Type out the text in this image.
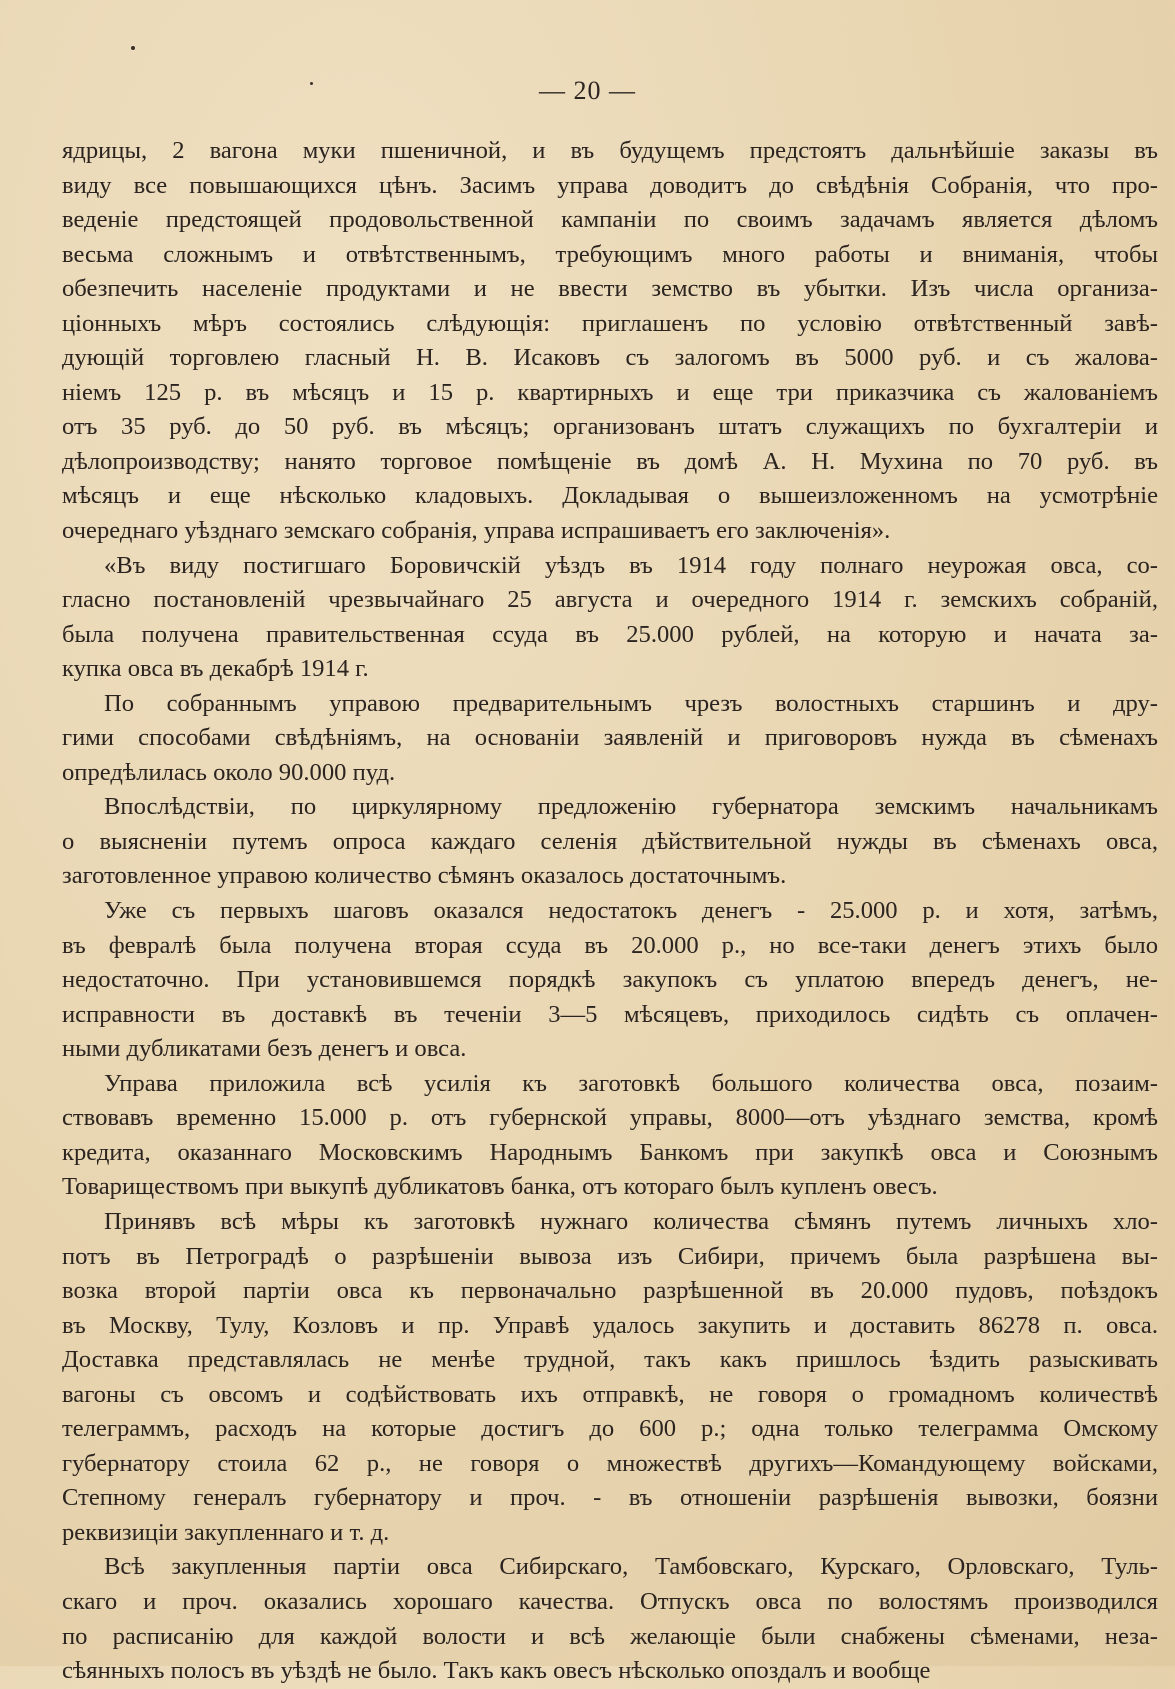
— 20 —
ядрицы, 2 вагона муки пшеничной, и въ будущемъ предстоятъ дальнѣйшіе заказы въ
виду все повышающихся цѣнъ. Засимъ управа доводитъ до свѣдѣнія Собранія, что про-
веденіе предстоящей продовольственной кампаніи по своимъ задачамъ является дѣломъ
весьма сложнымъ и отвѣтственнымъ, требующимъ много работы и вниманія, чтобы
обезпечить населеніе продуктами и не ввести земство въ убытки. Изъ числа организа-
ціонныхъ мѣръ состоялись слѣдующія: приглашенъ по условію отвѣтственный завѣ-
дующій торговлею гласный Н. В. Исаковъ съ залогомъ въ 5000 руб. и съ жалова-
ніемъ 125 р. въ мѣсяцъ и 15 р. квартирныхъ и еще три приказчика съ жалованіемъ
отъ 35 руб. до 50 руб. въ мѣсяцъ; организованъ штатъ служащихъ по бухгалтеріи и
дѣлопроизводству; нанято торговое помѣщеніе въ домѣ А. Н. Мухина по 70 руб. въ
мѣсяцъ и еще нѣсколько кладовыхъ. Докладывая о вышеизложенномъ на усмотрѣніе
очереднаго уѣзднаго земскаго собранія, управа испрашиваетъ его заключенія».
«Въ виду постигшаго Боровичскій уѣздъ въ 1914 году полнаго неурожая овса, со-
гласно постановленій чрезвычайнаго 25 августа и очередного 1914 г. земскихъ собраній,
была получена правительственная ссуда въ 25.000 рублей, на которую и начата за-
купка овса въ декабрѣ 1914 г.
По собраннымъ управою предварительнымъ чрезъ волостныхъ старшинъ и дру-
гими способами свѣдѣніямъ, на основаніи заявленій и приговоровъ нужда въ сѣменахъ
опредѣлилась около 90.000 пуд.
Впослѣдствіи, по циркулярному предложенію губернатора земскимъ начальникамъ
о выясненіи путемъ опроса каждаго селенія дѣйствительной нужды въ сѣменахъ овса,
заготовленное управою количество сѣмянъ оказалось достаточнымъ.
Уже съ первыхъ шаговъ оказался недостатокъ денегъ - 25.000 р. и хотя, затѣмъ,
въ февралѣ была получена вторая ссуда въ 20.000 р., но все-таки денегъ этихъ было
недостаточно. При установившемся порядкѣ закупокъ съ уплатою впередъ денегъ, не-
исправности въ доставкѣ въ теченіи 3—5 мѣсяцевъ, приходилось сидѣть съ оплачен-
ными дубликатами безъ денегъ и овса.
Управа приложила всѣ усилія къ заготовкѣ большого количества овса, позаим-
ствовавъ временно 15.000 р. отъ губернской управы, 8000—отъ уѣзднаго земства, кромѣ
кредита, оказаннаго Московскимъ Народнымъ Банкомъ при закупкѣ овса и Союзнымъ
Товариществомъ при выкупѣ дубликатовъ банка, отъ котораго былъ купленъ овесъ.
Принявъ всѣ мѣры къ заготовкѣ нужнаго количества сѣмянъ путемъ личныхъ хло-
потъ въ Петроградѣ о разрѣшеніи вывоза изъ Сибири, причемъ была разрѣшена вы-
возка второй партіи овса къ первоначально разрѣшенной въ 20.000 пудовъ, поѣздокъ
въ Москву, Тулу, Козловъ и пр. Управѣ удалось закупить и доставить 86278 п. овса.
Доставка представлялась не менѣе трудной, такъ какъ пришлось ѣздить разыскивать
вагоны съ овсомъ и содѣйствовать ихъ отправкѣ, не говоря о громадномъ количествѣ
телеграммъ, расходъ на которые достигъ до 600 р.; одна только телеграмма Омскому
губернатору стоила 62 р., не говоря о множествѣ другихъ—Командующему войсками,
Степному генералъ губернатору и проч. - въ отношеніи разрѣшенія вывозки, боязни
реквизиціи закупленнаго и т. д.
Всѣ закупленныя партіи овса Сибирскаго, Тамбовскаго, Курскаго, Орловскаго, Туль-
скаго и проч. оказались хорошаго качества. Отпускъ овса по волостямъ производился
по расписанію для каждой волости и всѣ желающіе были снабжены сѣменами, неза-
сѣянныхъ полосъ въ уѣздѣ не было. Такъ какъ овесъ нѣсколько опоздалъ и вообще
